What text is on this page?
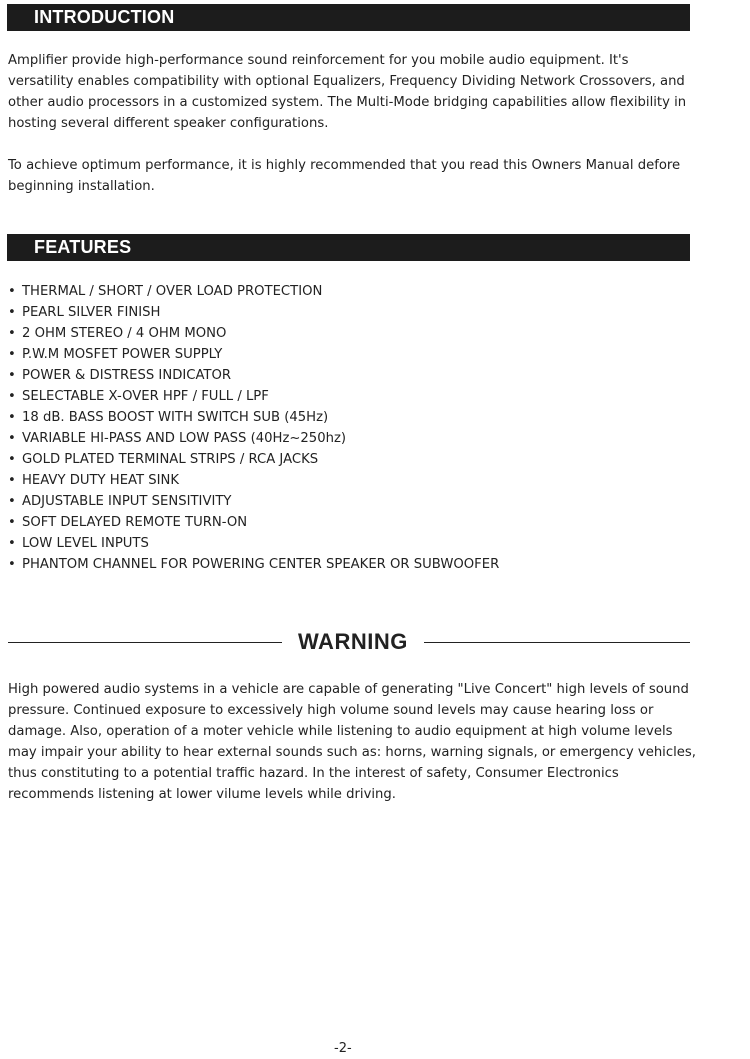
INTRODUCTION

Amplifier provide high-performance sound reinforcement for you mobile audio equipment. It's versatility enables compatibility with optional Equalizers, Frequency Dividing Network Crossovers, and other audio processors in a customized system. The Multi-Mode bridging capabilities allow flexibility in hosting several different speaker configurations.

To achieve optimum performance, it is highly recommended that you read this Owners Manual defore beginning installation.

FEATURES
• THERMAL / SHORT / OVER LOAD PROTECTION
• PEARL SILVER FINISH
• 2 OHM STEREO / 4 OHM MONO
• P.W.M MOSFET POWER SUPPLY
• POWER & DISTRESS INDICATOR
• SELECTABLE X-OVER HPF / FULL / LPF
• 18 dB. BASS BOOST WITH SWITCH SUB (45Hz)
• VARIABLE HI-PASS AND LOW PASS (40Hz~250hz)
• GOLD PLATED TERMINAL STRIPS / RCA JACKS
• HEAVY DUTY HEAT SINK
• ADJUSTABLE INPUT SENSITIVITY
• SOFT DELAYED REMOTE TURN-ON
• LOW LEVEL INPUTS
• PHANTOM CHANNEL FOR POWERING CENTER SPEAKER OR SUBWOOFER
WARNING

High powered audio systems in a vehicle are capable of generating "Live Concert" high levels of sound pressure. Continued exposure to excessively high volume sound levels may cause hearing loss or damage. Also, operation of a moter vehicle while listening to audio equipment at high volume levels may impair your ability to hear external sounds such as: horns, warning signals, or emergency vehicles, thus constituting to a potential traffic hazard. In the interest of safety, Consumer Electronics recommends listening at lower vilume levels while driving.

-2-
